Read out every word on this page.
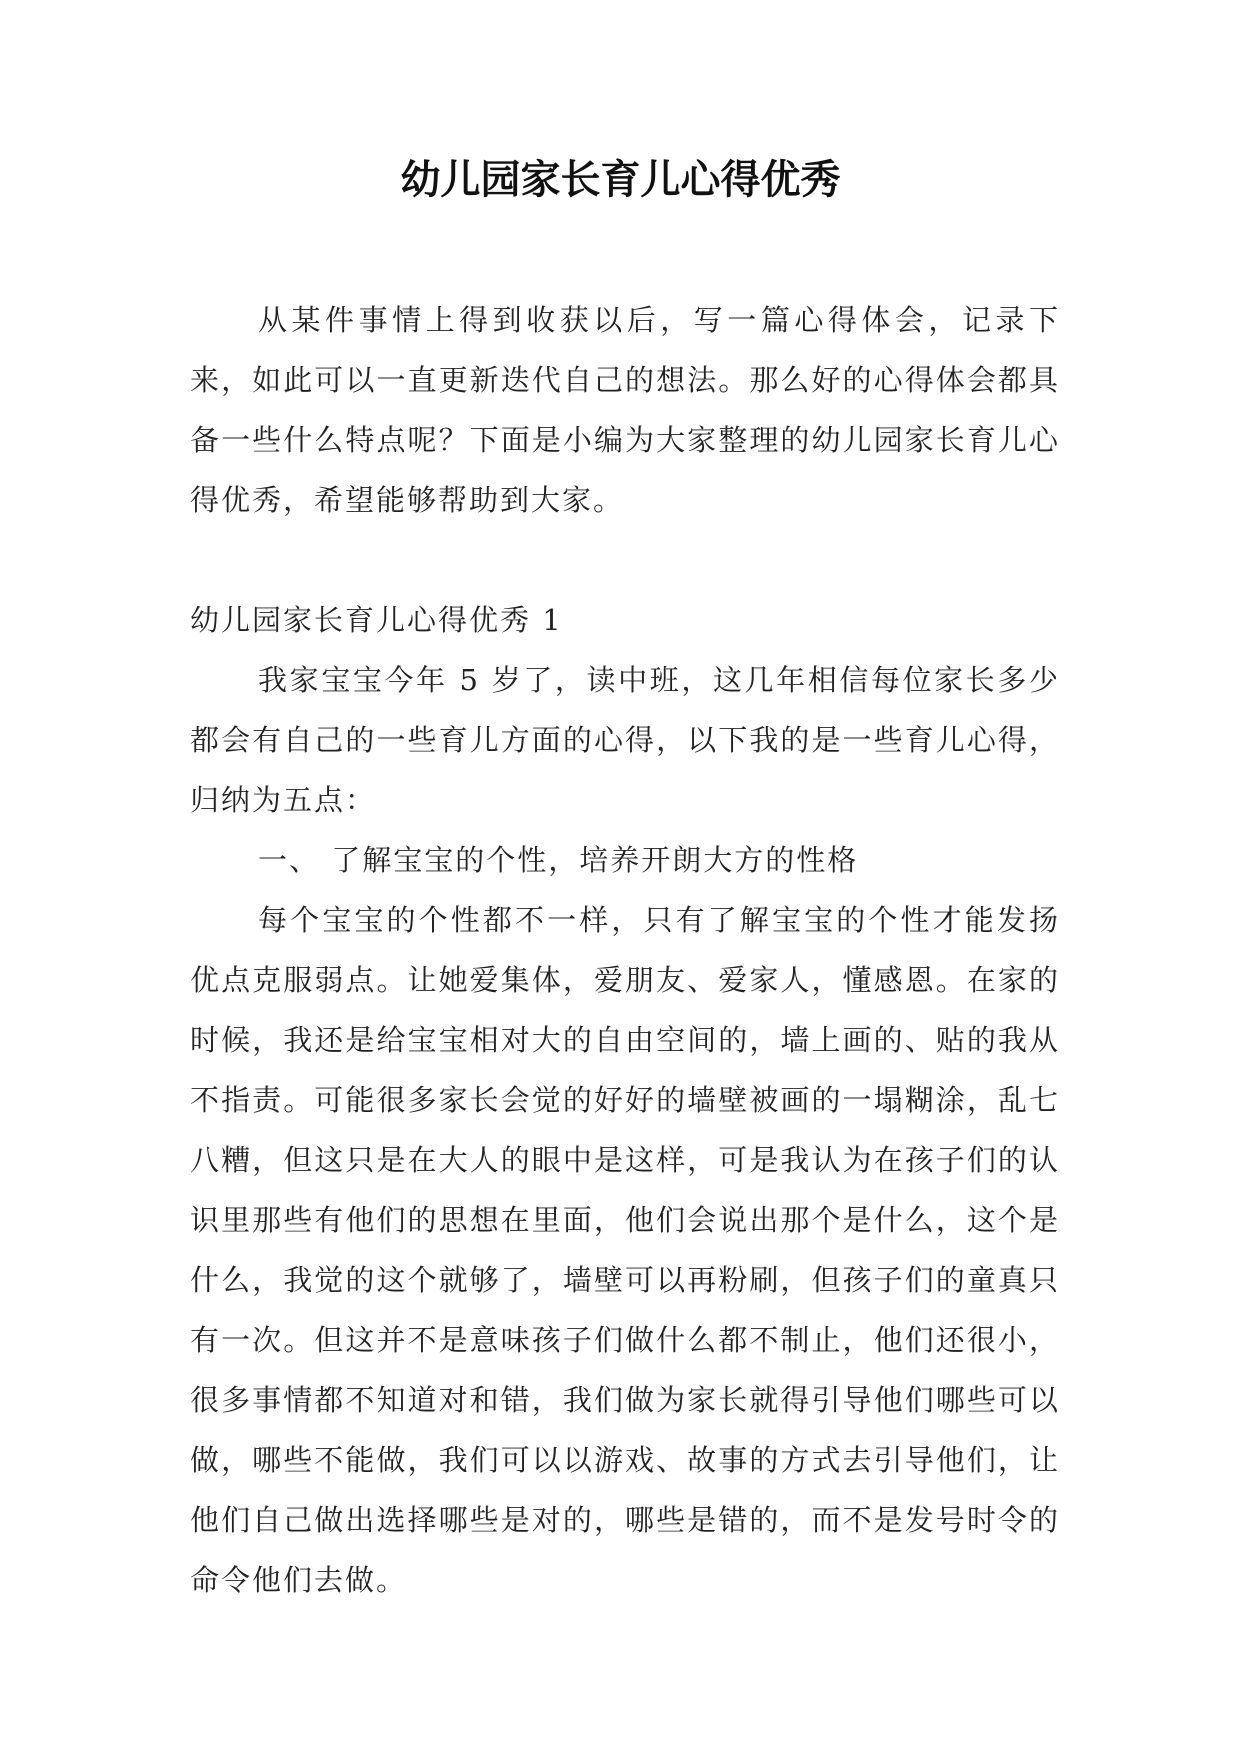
幼儿园家长育儿心得优秀

从某件事情上得到收获以后，写一篇心得体会，记录下来，如此可以一直更新迭代自己的想法。那么好的心得体会都具备一些什么特点呢？下面是小编为大家整理的幼儿园家长育儿心得优秀，希望能够帮助到大家。

幼儿园家长育儿心得优秀 1

我家宝宝今年 5 岁了，读中班，这几年相信每位家长多少都会有自己的一些育儿方面的心得，以下我的是一些育儿心得，归纳为五点：

一、 了解宝宝的个性，培养开朗大方的性格

每个宝宝的个性都不一样，只有了解宝宝的个性才能发扬优点克服弱点。让她爱集体，爱朋友、爱家人，懂感恩。在家的时候，我还是给宝宝相对大的自由空间的，墙上画的、贴的我从不指责。可能很多家长会觉的好好的墙壁被画的一塌糊涂，乱七八糟，但这只是在大人的眼中是这样，可是我认为在孩子们的认识里那些有他们的思想在里面，他们会说出那个是什么，这个是什么，我觉的这个就够了，墙壁可以再粉刷，但孩子们的童真只有一次。但这并不是意味孩子们做什么都不制止，他们还很小，很多事情都不知道对和错，我们做为家长就得引导他们哪些可以做，哪些不能做，我们可以以游戏、故事的方式去引导他们，让他们自己做出选择哪些是对的，哪些是错的，而不是发号时令的命令他们去做。
